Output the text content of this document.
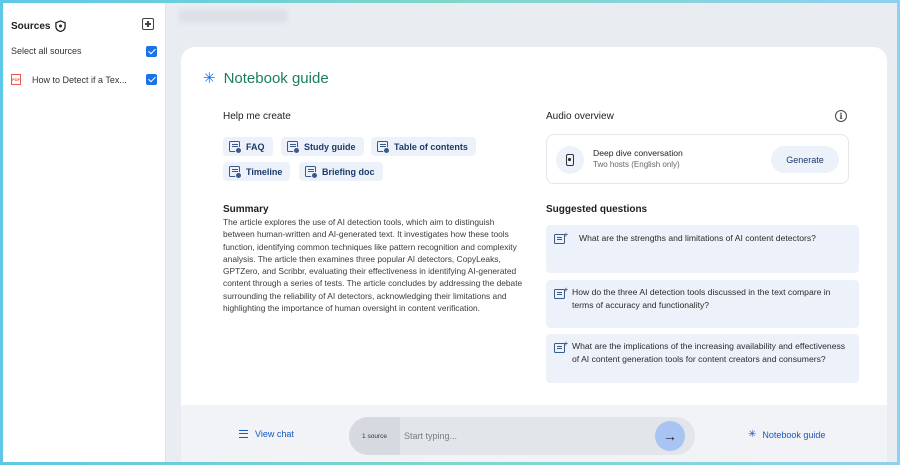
Sources
Select all sources
PDF How to Detect if a Tex...	✳ Notebook guide
Help me create
FAQ	Study guide	Table of contents
Timeline	Briefing doc
Summary
The article explores the use of AI detection tools, which aim to distinguish between human-written and AI-generated text. It investigates how these tools function, identifying common techniques like pattern recognition and complexity analysis. The article then examines three popular AI detectors, CopyLeaks, GPTZero, and Scribbr, evaluating their effectiveness in identifying AI-generated content through a series of tests. The article concludes by addressing the debate surrounding the reliability of AI detectors, acknowledging their limitations and highlighting the importance of human oversight in content verification.
Audio overview	i
Deep dive conversation
Two hosts (English only)	Generate
Suggested questions
+
What are the strengths and limitations of AI content detectors?
+
How do the three AI detection tools discussed in the text compare in terms of accuracy and functionality?
+
What are the implications of the increasing availability and effectiveness of AI content generation tools for content creators and consumers?
View chat	1 source
Start typing...	→	✳ Notebook guide
